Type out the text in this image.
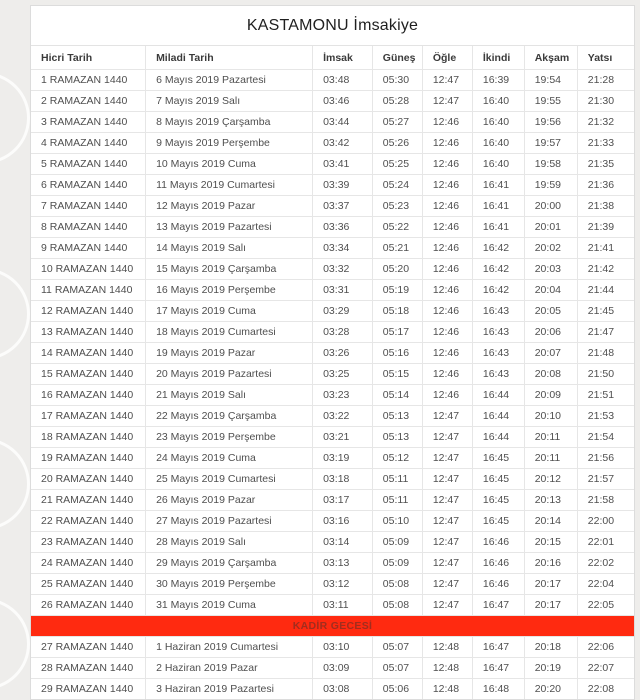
KASTAMONU İmsakiye
Hicri Tarih	Miladi Tarih	İmsak	Güneş	Öğle	İkindi	Akşam	Yatsı
1 RAMAZAN 1440	6 Mayıs 2019 Pazartesi	03:48	05:30	12:47	16:39	19:54	21:28
2 RAMAZAN 1440	7 Mayıs 2019 Salı	03:46	05:28	12:47	16:40	19:55	21:30
3 RAMAZAN 1440	8 Mayıs 2019 Çarşamba	03:44	05:27	12:46	16:40	19:56	21:32
4 RAMAZAN 1440	9 Mayıs 2019 Perşembe	03:42	05:26	12:46	16:40	19:57	21:33
5 RAMAZAN 1440	10 Mayıs 2019 Cuma	03:41	05:25	12:46	16:40	19:58	21:35
6 RAMAZAN 1440	11 Mayıs 2019 Cumartesi	03:39	05:24	12:46	16:41	19:59	21:36
7 RAMAZAN 1440	12 Mayıs 2019 Pazar	03:37	05:23	12:46	16:41	20:00	21:38
8 RAMAZAN 1440	13 Mayıs 2019 Pazartesi	03:36	05:22	12:46	16:41	20:01	21:39
9 RAMAZAN 1440	14 Mayıs 2019 Salı	03:34	05:21	12:46	16:42	20:02	21:41
10 RAMAZAN 1440	15 Mayıs 2019 Çarşamba	03:32	05:20	12:46	16:42	20:03	21:42
11 RAMAZAN 1440	16 Mayıs 2019 Perşembe	03:31	05:19	12:46	16:42	20:04	21:44
12 RAMAZAN 1440	17 Mayıs 2019 Cuma	03:29	05:18	12:46	16:43	20:05	21:45
13 RAMAZAN 1440	18 Mayıs 2019 Cumartesi	03:28	05:17	12:46	16:43	20:06	21:47
14 RAMAZAN 1440	19 Mayıs 2019 Pazar	03:26	05:16	12:46	16:43	20:07	21:48
15 RAMAZAN 1440	20 Mayıs 2019 Pazartesi	03:25	05:15	12:46	16:43	20:08	21:50
16 RAMAZAN 1440	21 Mayıs 2019 Salı	03:23	05:14	12:46	16:44	20:09	21:51
17 RAMAZAN 1440	22 Mayıs 2019 Çarşamba	03:22	05:13	12:47	16:44	20:10	21:53
18 RAMAZAN 1440	23 Mayıs 2019 Perşembe	03:21	05:13	12:47	16:44	20:11	21:54
19 RAMAZAN 1440	24 Mayıs 2019 Cuma	03:19	05:12	12:47	16:45	20:11	21:56
20 RAMAZAN 1440	25 Mayıs 2019 Cumartesi	03:18	05:11	12:47	16:45	20:12	21:57
21 RAMAZAN 1440	26 Mayıs 2019 Pazar	03:17	05:11	12:47	16:45	20:13	21:58
22 RAMAZAN 1440	27 Mayıs 2019 Pazartesi	03:16	05:10	12:47	16:45	20:14	22:00
23 RAMAZAN 1440	28 Mayıs 2019 Salı	03:14	05:09	12:47	16:46	20:15	22:01
24 RAMAZAN 1440	29 Mayıs 2019 Çarşamba	03:13	05:09	12:47	16:46	20:16	22:02
25 RAMAZAN 1440	30 Mayıs 2019 Perşembe	03:12	05:08	12:47	16:46	20:17	22:04
26 RAMAZAN 1440	31 Mayıs 2019 Cuma	03:11	05:08	12:47	16:47	20:17	22:05
KADİR GECESİ							
27 RAMAZAN 1440	1 Haziran 2019 Cumartesi	03:10	05:07	12:48	16:47	20:18	22:06
28 RAMAZAN 1440	2 Haziran 2019 Pazar	03:09	05:07	12:48	16:47	20:19	22:07
29 RAMAZAN 1440	3 Haziran 2019 Pazartesi	03:08	05:06	12:48	16:48	20:20	22:08
